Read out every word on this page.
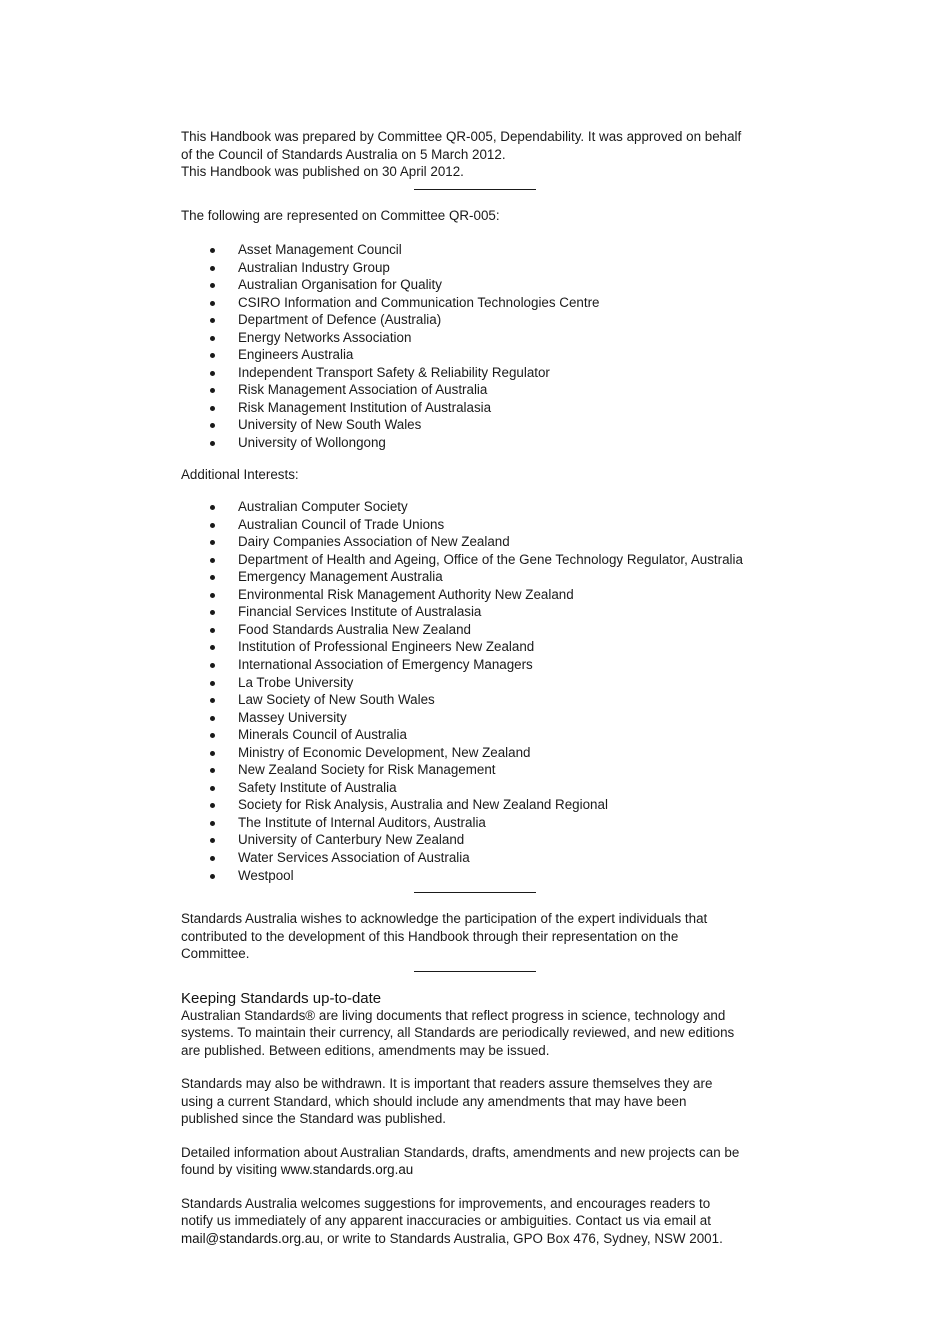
This Handbook was prepared by Committee QR-005, Dependability. It was approved on behalf

of the Council of Standards Australia on 5 March 2012.

This Handbook was published on 30 April 2012.

The following are represented on Committee QR-005:

Asset Management Council
Australian Industry Group
Australian Organisation for Quality
CSIRO Information and Communication Technologies Centre
Department of Defence (Australia)
Energy Networks Association
Engineers Australia
Independent Transport Safety & Reliability Regulator
Risk Management Association of Australia
Risk Management Institution of Australasia
University of New South Wales
University of Wollongong

Additional Interests:

Australian Computer Society
Australian Council of Trade Unions
Dairy Companies Association of New Zealand
Department of Health and Ageing, Office of the Gene Technology Regulator, Australia
Emergency Management Australia
Environmental Risk Management Authority New Zealand
Financial Services Institute of Australasia
Food Standards Australia New Zealand
Institution of Professional Engineers New Zealand
International Association of Emergency Managers
La Trobe University
Law Society of New South Wales
Massey University
Minerals Council of Australia
Ministry of Economic Development, New Zealand
New Zealand Society for Risk Management
Safety Institute of Australia
Society for Risk Analysis, Australia and New Zealand Regional
The Institute of Internal Auditors, Australia
University of Canterbury New Zealand
Water Services Association of Australia
Westpool

Standards Australia wishes to acknowledge the participation of the expert individuals that

contributed to the development of this Handbook through their representation on the

Committee.

Keeping Standards up-to-date

Australian Standards® are living documents that reflect progress in science, technology and

systems. To maintain their currency, all Standards are periodically reviewed, and new editions

are published. Between editions, amendments may be issued.

Standards may also be withdrawn. It is important that readers assure themselves they are

using a current Standard, which should include any amendments that may have been

published since the Standard was published.

Detailed information about Australian Standards, drafts, amendments and new projects can be

found by visiting www.standards.org.au

Standards Australia welcomes suggestions for improvements, and encourages readers to

notify us immediately of any apparent inaccuracies or ambiguities. Contact us via email at

mail@standards.org.au, or write to Standards Australia, GPO Box 476, Sydney, NSW 2001.
